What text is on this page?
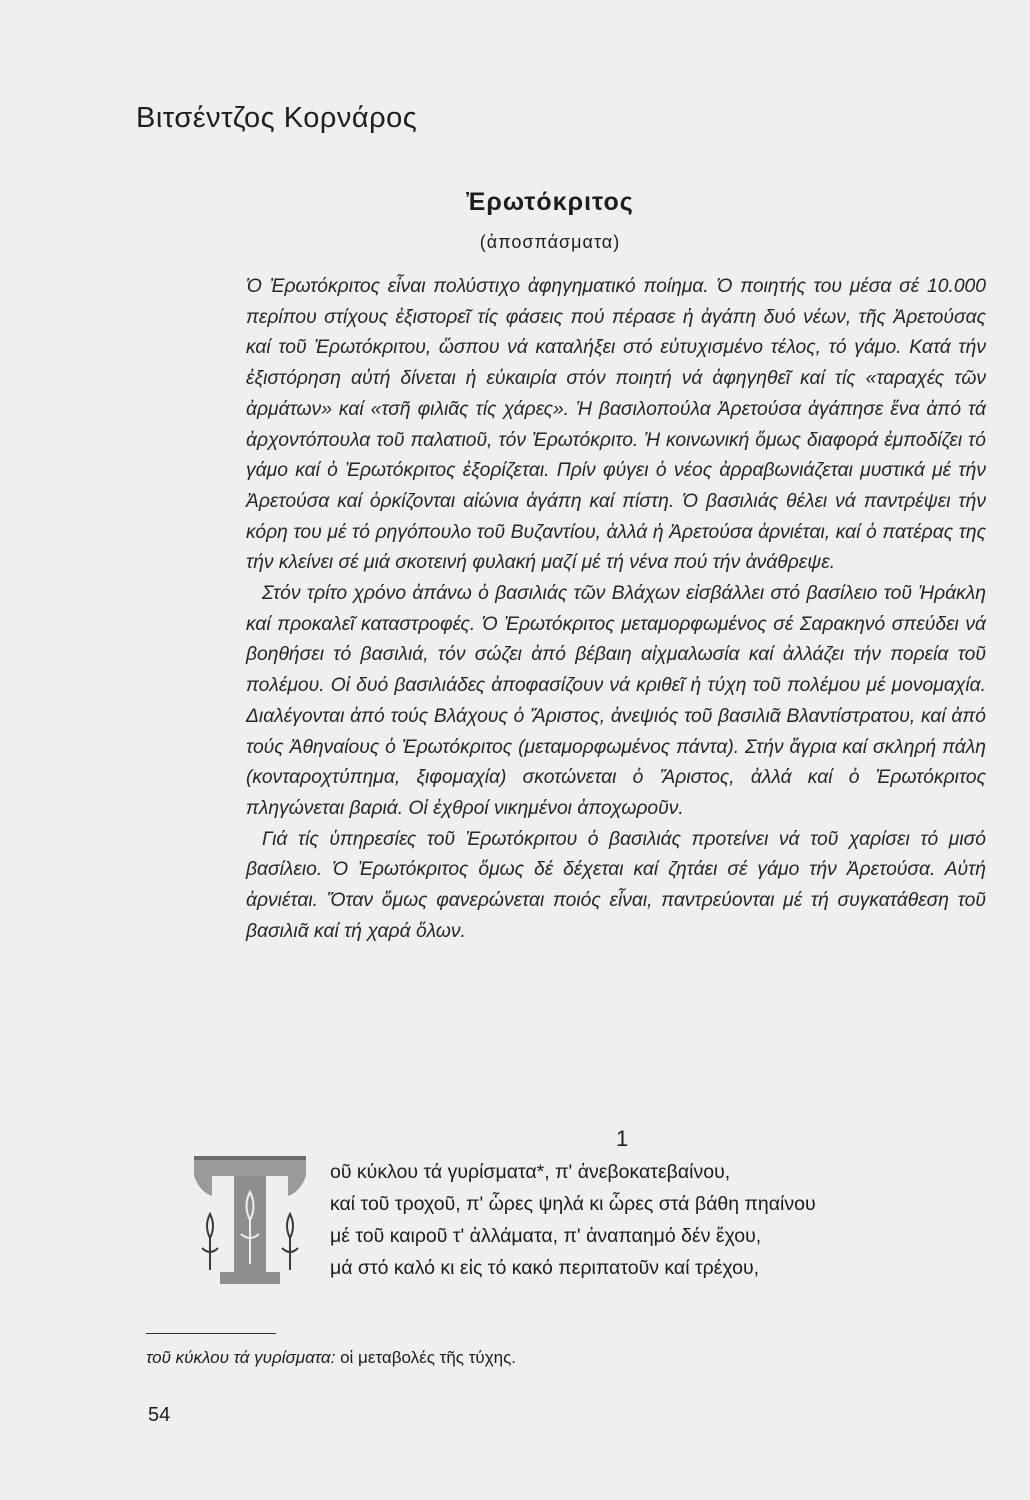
Βιτσέντζος Κορνάρος
Ἐρωτόκριτος
(ἀποσπάσματα)

Ὁ Ἐρωτόκριτος εἶναι πολύστιχο ἀφηγηματικό ποίημα. Ὁ ποιητής του μέσα σέ 10.000 περίπου στίχους ἐξιστορεῖ τίς φάσεις πού πέρασε ἡ ἀγάπη δυό νέων, τῆς Ἀρετούσας καί τοῦ Ἐρωτόκριτου, ὥσπου νά καταλήξει στό εὐτυχισμένο τέλος, τό γάμο. Κατά τήν ἐξιστόρηση αὐτή δίνεται ἡ εὐκαιρία στόν ποιητή νά ἀφηγηθεῖ καί τίς «ταραχές τῶν ἀρμάτων» καί «τσῆ φιλιᾶς τίς χάρες». Ἡ βασιλοπούλα Ἀρετούσα ἀγάπησε ἕνα ἀπό τά ἀρχοντόπουλα τοῦ παλατιοῦ, τόν Ἐρωτόκριτο. Ἡ κοινωνική ὅμως διαφορά ἐμποδίζει τό γάμο καί ὁ Ἐρωτόκριτος ἐξορίζεται. Πρίν φύγει ὁ νέος ἀρραβωνιάζεται μυστικά μέ τήν Ἀρετούσα καί ὁρκίζονται αἰώνια ἀγάπη καί πίστη. Ὁ βασιλιάς θέλει νά παντρέψει τήν κόρη του μέ τό ρηγόπουλο τοῦ Βυζαντίου, ἀλλά ἡ Ἀρετούσα ἀρνιέται, καί ὁ πατέρας της τήν κλείνει σέ μιά σκοτεινή φυλακή μαζί μέ τή νένα πού τήν ἀνάθρεψε.

Στόν τρίτο χρόνο ἀπάνω ὁ βασιλιάς τῶν Βλάχων εἰσβάλλει στό βασίλειο τοῦ Ἠράκλη καί προκαλεῖ καταστροφές. Ὁ Ἐρωτόκριτος μεταμορφωμένος σέ Σαρακηνό σπεύδει νά βοηθήσει τό βασιλιά, τόν σώζει ἀπό βέβαιη αἰχμαλωσία καί ἀλλάζει τήν πορεία τοῦ πολέμου. Οἱ δυό βασιλιάδες ἀποφασίζουν νά κριθεῖ ἡ τύχη τοῦ πολέμου μέ μονομαχία. Διαλέγονται ἀπό τούς Βλάχους ὁ Ἄριστος, ἀνεψιός τοῦ βασιλιᾶ Βλαντίστρατου, καί ἀπό τούς Ἀθηναίους ὁ Ἐρωτόκριτος (μεταμορφωμένος πάντα). Στήν ἄγρια καί σκληρή πάλη (κονταροχτύπημα, ξιφομαχία) σκοτώνεται ὁ Ἄριστος, ἀλλά καί ὁ Ἐρωτόκριτος πληγώνεται βαριά. Οἱ ἐχθροί νικημένοι ἀποχωροῦν.

Γιά τίς ὑπηρεσίες τοῦ Ἐρωτόκριτου ὁ βασιλιάς προτείνει νά τοῦ χαρίσει τό μισό βασίλειο. Ὁ Ἐρωτόκριτος ὅμως δέ δέχεται καί ζητάει σέ γάμο τήν Ἀρετούσα. Αὐτή ἀρνιέται. Ὅταν ὅμως φανερώνεται ποιός εἶναι, παντρεύονται μέ τή συγκατάθεση τοῦ βασιλιᾶ καί τή χαρά ὅλων.

1
οῦ κύκλου τά γυρίσματα*, π' ἀνεβοκατεβαίνου,
καί τοῦ τροχοῦ, π' ὧρες ψηλά κι ὧρες στά βάθη πηαίνου
μέ τοῦ καιροῦ τ' ἀλλάματα, π' ἀναπαημό δέν ἔχου,
μά στό καλό κι εἰς τό κακό περιπατοῦν καί τρέχου,

τοῦ κύκλου τά γυρίσματα: οἱ μεταβολές τῆς τύχης.

54
